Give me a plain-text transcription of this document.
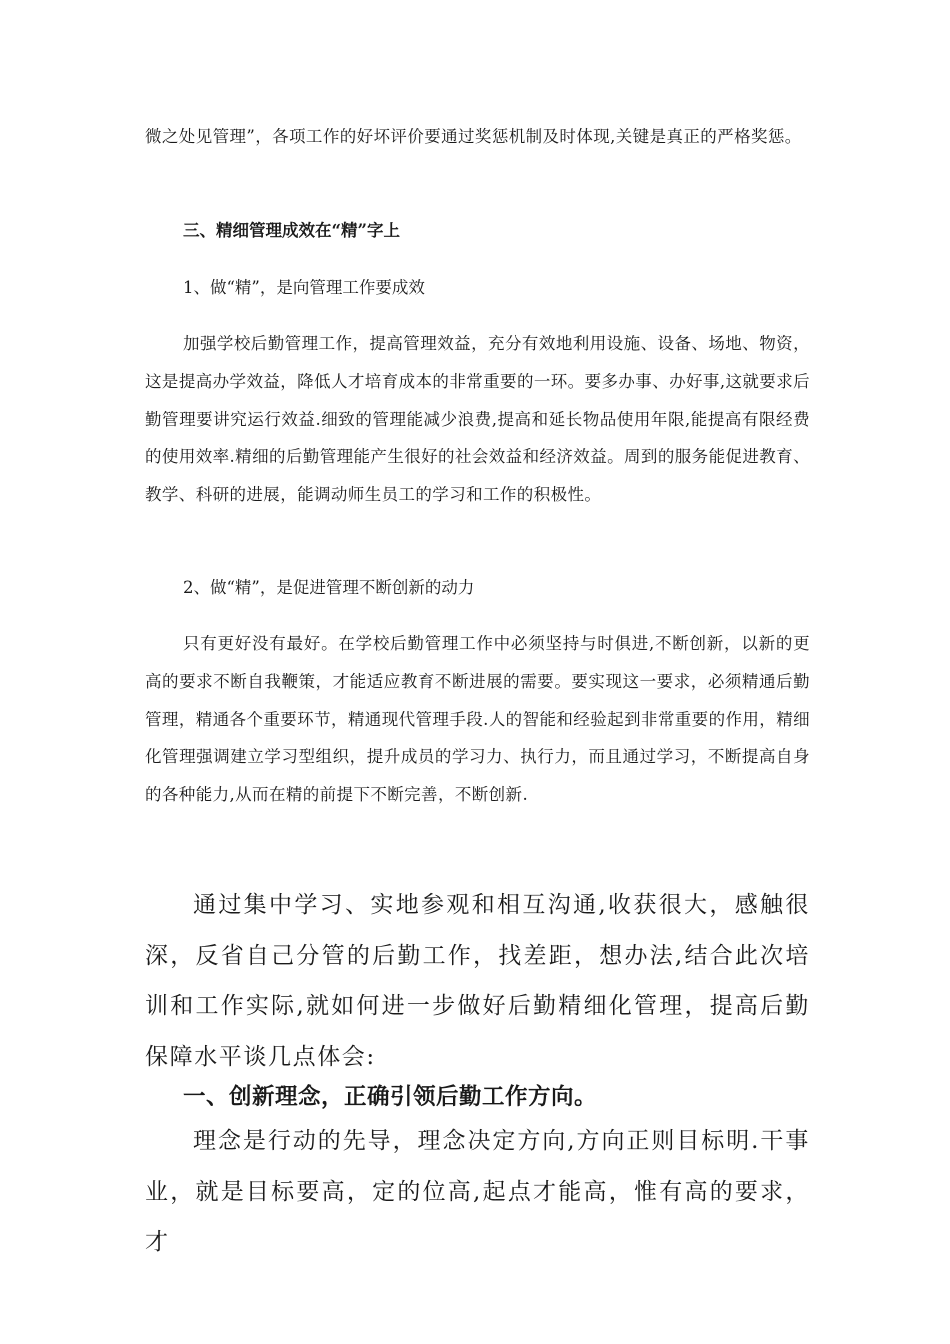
微之处见管理”，各项工作的好坏评价要通过奖惩机制及时体现,关键是真正的严格奖惩。

三、精细管理成效在“精”字上

1、做“精”，是向管理工作要成效

加强学校后勤管理工作，提高管理效益，充分有效地利用设施、设备、场地、物资，这是提高办学效益，降低人才培育成本的非常重要的一环。要多办事、办好事,这就要求后勤管理要讲究运行效益.细致的管理能减少浪费,提高和延长物品使用年限,能提高有限经费的使用效率.精细的后勤管理能产生很好的社会效益和经济效益。周到的服务能促进教育、教学、科研的进展，能调动师生员工的学习和工作的积极性。

2、做“精”，是促进管理不断创新的动力

只有更好没有最好。在学校后勤管理工作中必须坚持与时俱进,不断创新，以新的更高的要求不断自我鞭策，才能适应教育不断进展的需要。要实现这一要求，必须精通后勤管理，精通各个重要环节，精通现代管理手段.人的智能和经验起到非常重要的作用，精细化管理强调建立学习型组织，提升成员的学习力、执行力，而且通过学习，不断提高自身的各种能力,从而在精的前提下不断完善，不断创新.

通过集中学习、实地参观和相互沟通,收获很大，感触很深，反省自己分管的后勤工作，找差距，想办法,结合此次培训和工作实际,就如何进一步做好后勤精细化管理，提高后勤保障水平谈几点体会:

一、创新理念，正确引领后勤工作方向。

理念是行动的先导，理念决定方向,方向正则目标明.干事业，就是目标要高，定的位高,起点才能高，惟有高的要求，才
